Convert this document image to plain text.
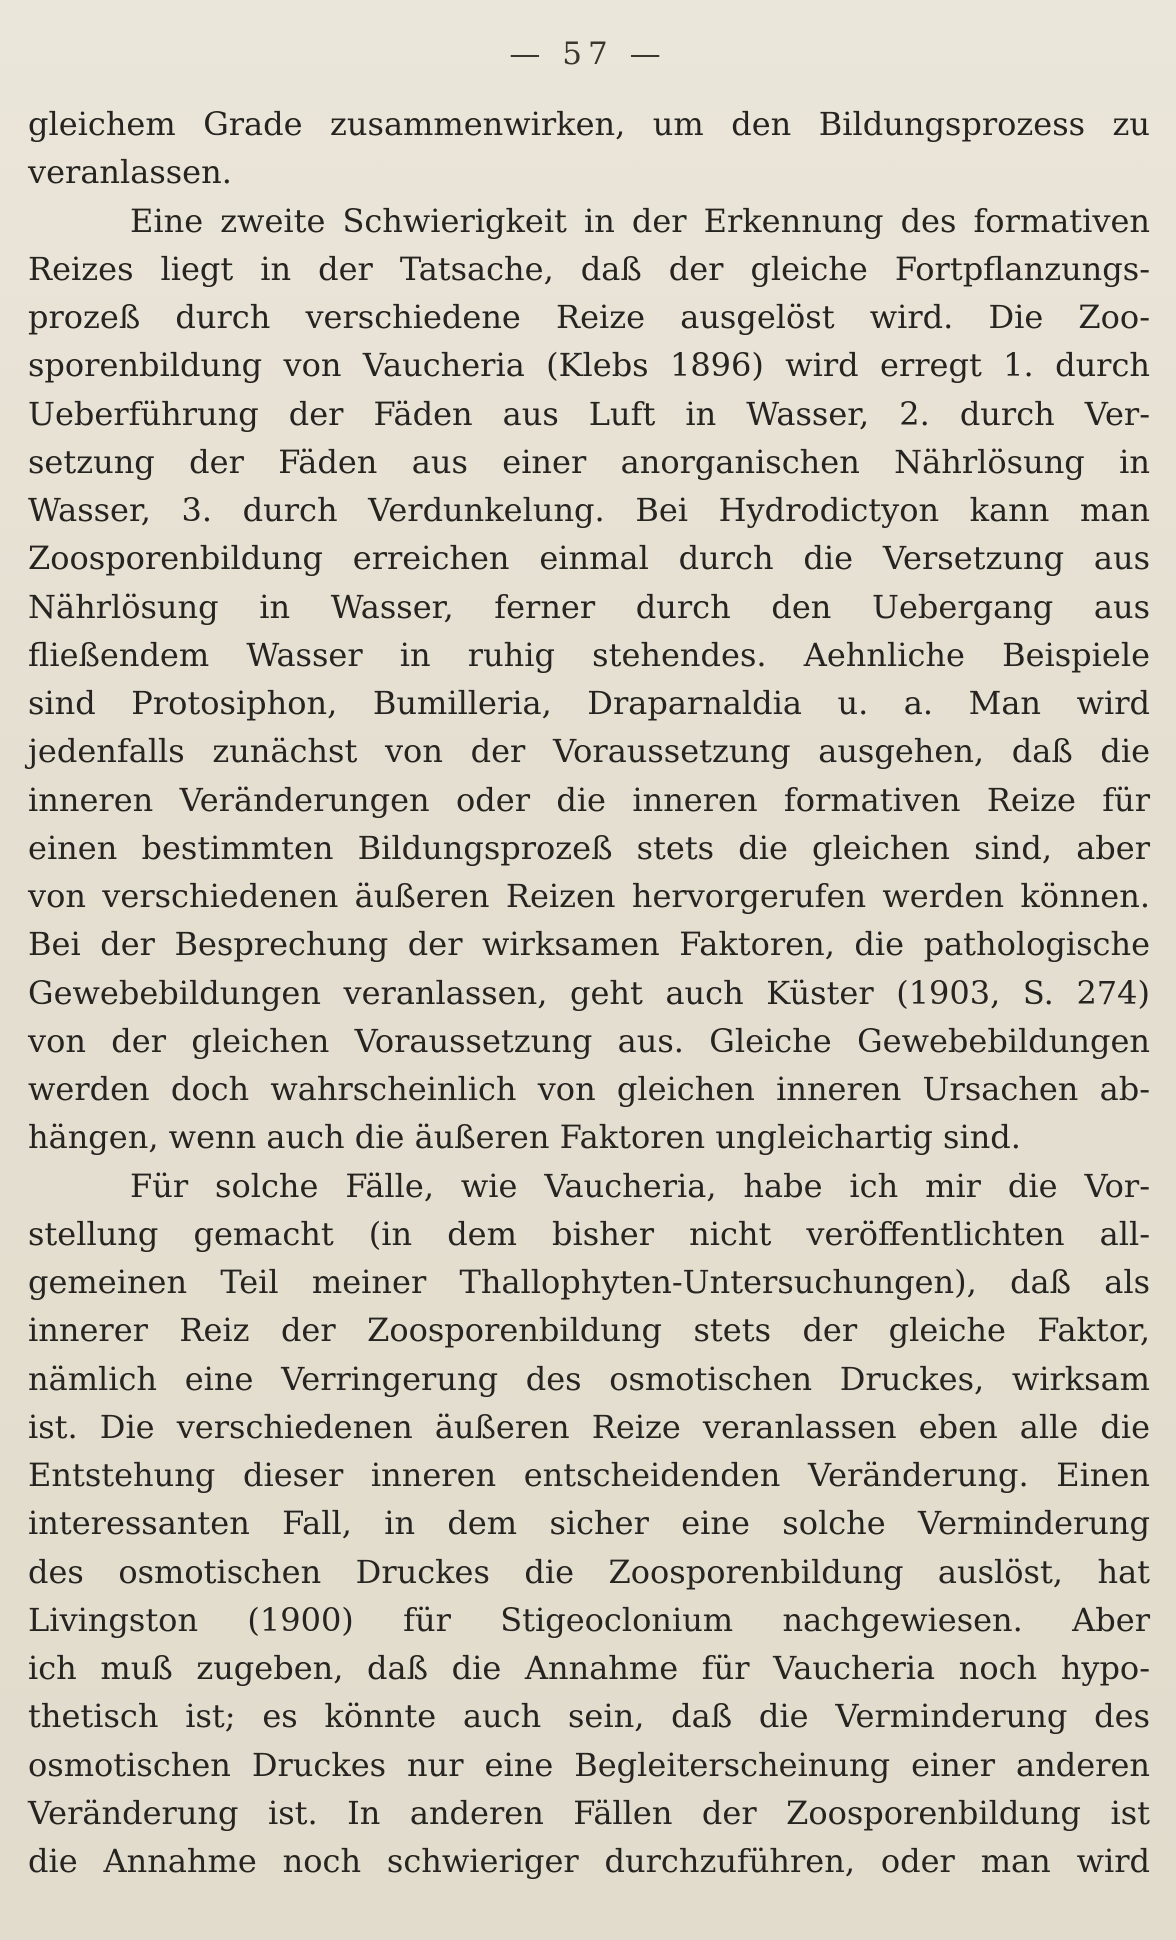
— 57 —

gleichem Grade zusammenwirken, um den Bildungsprozess zu
veranlassen.

Eine zweite Schwierigkeit in der Erkennung des formativen
Reizes liegt in der Tatsache, daß der gleiche Fortpflanzungs-
prozeß durch verschiedene Reize ausgelöst wird. Die Zoo-
sporenbildung von Vaucheria (Klebs 1896) wird erregt 1. durch
Ueberführung der Fäden aus Luft in Wasser, 2. durch Ver-
setzung der Fäden aus einer anorganischen Nährlösung in
Wasser, 3. durch Verdunkelung. Bei Hydrodictyon kann man
Zoosporenbildung erreichen einmal durch die Versetzung aus
Nährlösung in Wasser, ferner durch den Uebergang aus
fließendem Wasser in ruhig stehendes. Aehnliche Beispiele
sind Protosiphon, Bumilleria, Draparnaldia u. a. Man wird
jedenfalls zunächst von der Voraussetzung ausgehen, daß die
inneren Veränderungen oder die inneren formativen Reize für
einen bestimmten Bildungsprozeß stets die gleichen sind, aber
von verschiedenen äußeren Reizen hervorgerufen werden können.
Bei der Besprechung der wirksamen Faktoren, die pathologische
Gewebebildungen veranlassen, geht auch Küster (1903, S. 274)
von der gleichen Voraussetzung aus. Gleiche Gewebebildungen
werden doch wahrscheinlich von gleichen inneren Ursachen ab-
hängen, wenn auch die äußeren Faktoren ungleichartig sind.

Für solche Fälle, wie Vaucheria, habe ich mir die Vor-
stellung gemacht (in dem bisher nicht veröffentlichten all-
gemeinen Teil meiner Thallophyten-Untersuchungen), daß als
innerer Reiz der Zoosporenbildung stets der gleiche Faktor,
nämlich eine Verringerung des osmotischen Druckes, wirksam
ist. Die verschiedenen äußeren Reize veranlassen eben alle die
Entstehung dieser inneren entscheidenden Veränderung. Einen
interessanten Fall, in dem sicher eine solche Verminderung
des osmotischen Druckes die Zoosporenbildung auslöst, hat
Livingston (1900) für Stigeoclonium nachgewiesen. Aber
ich muß zugeben, daß die Annahme für Vaucheria noch hypo-
thetisch ist; es könnte auch sein, daß die Verminderung des
osmotischen Druckes nur eine Begleiterscheinung einer anderen
Veränderung ist. In anderen Fällen der Zoosporenbildung ist
die Annahme noch schwieriger durchzuführen, oder man wird
